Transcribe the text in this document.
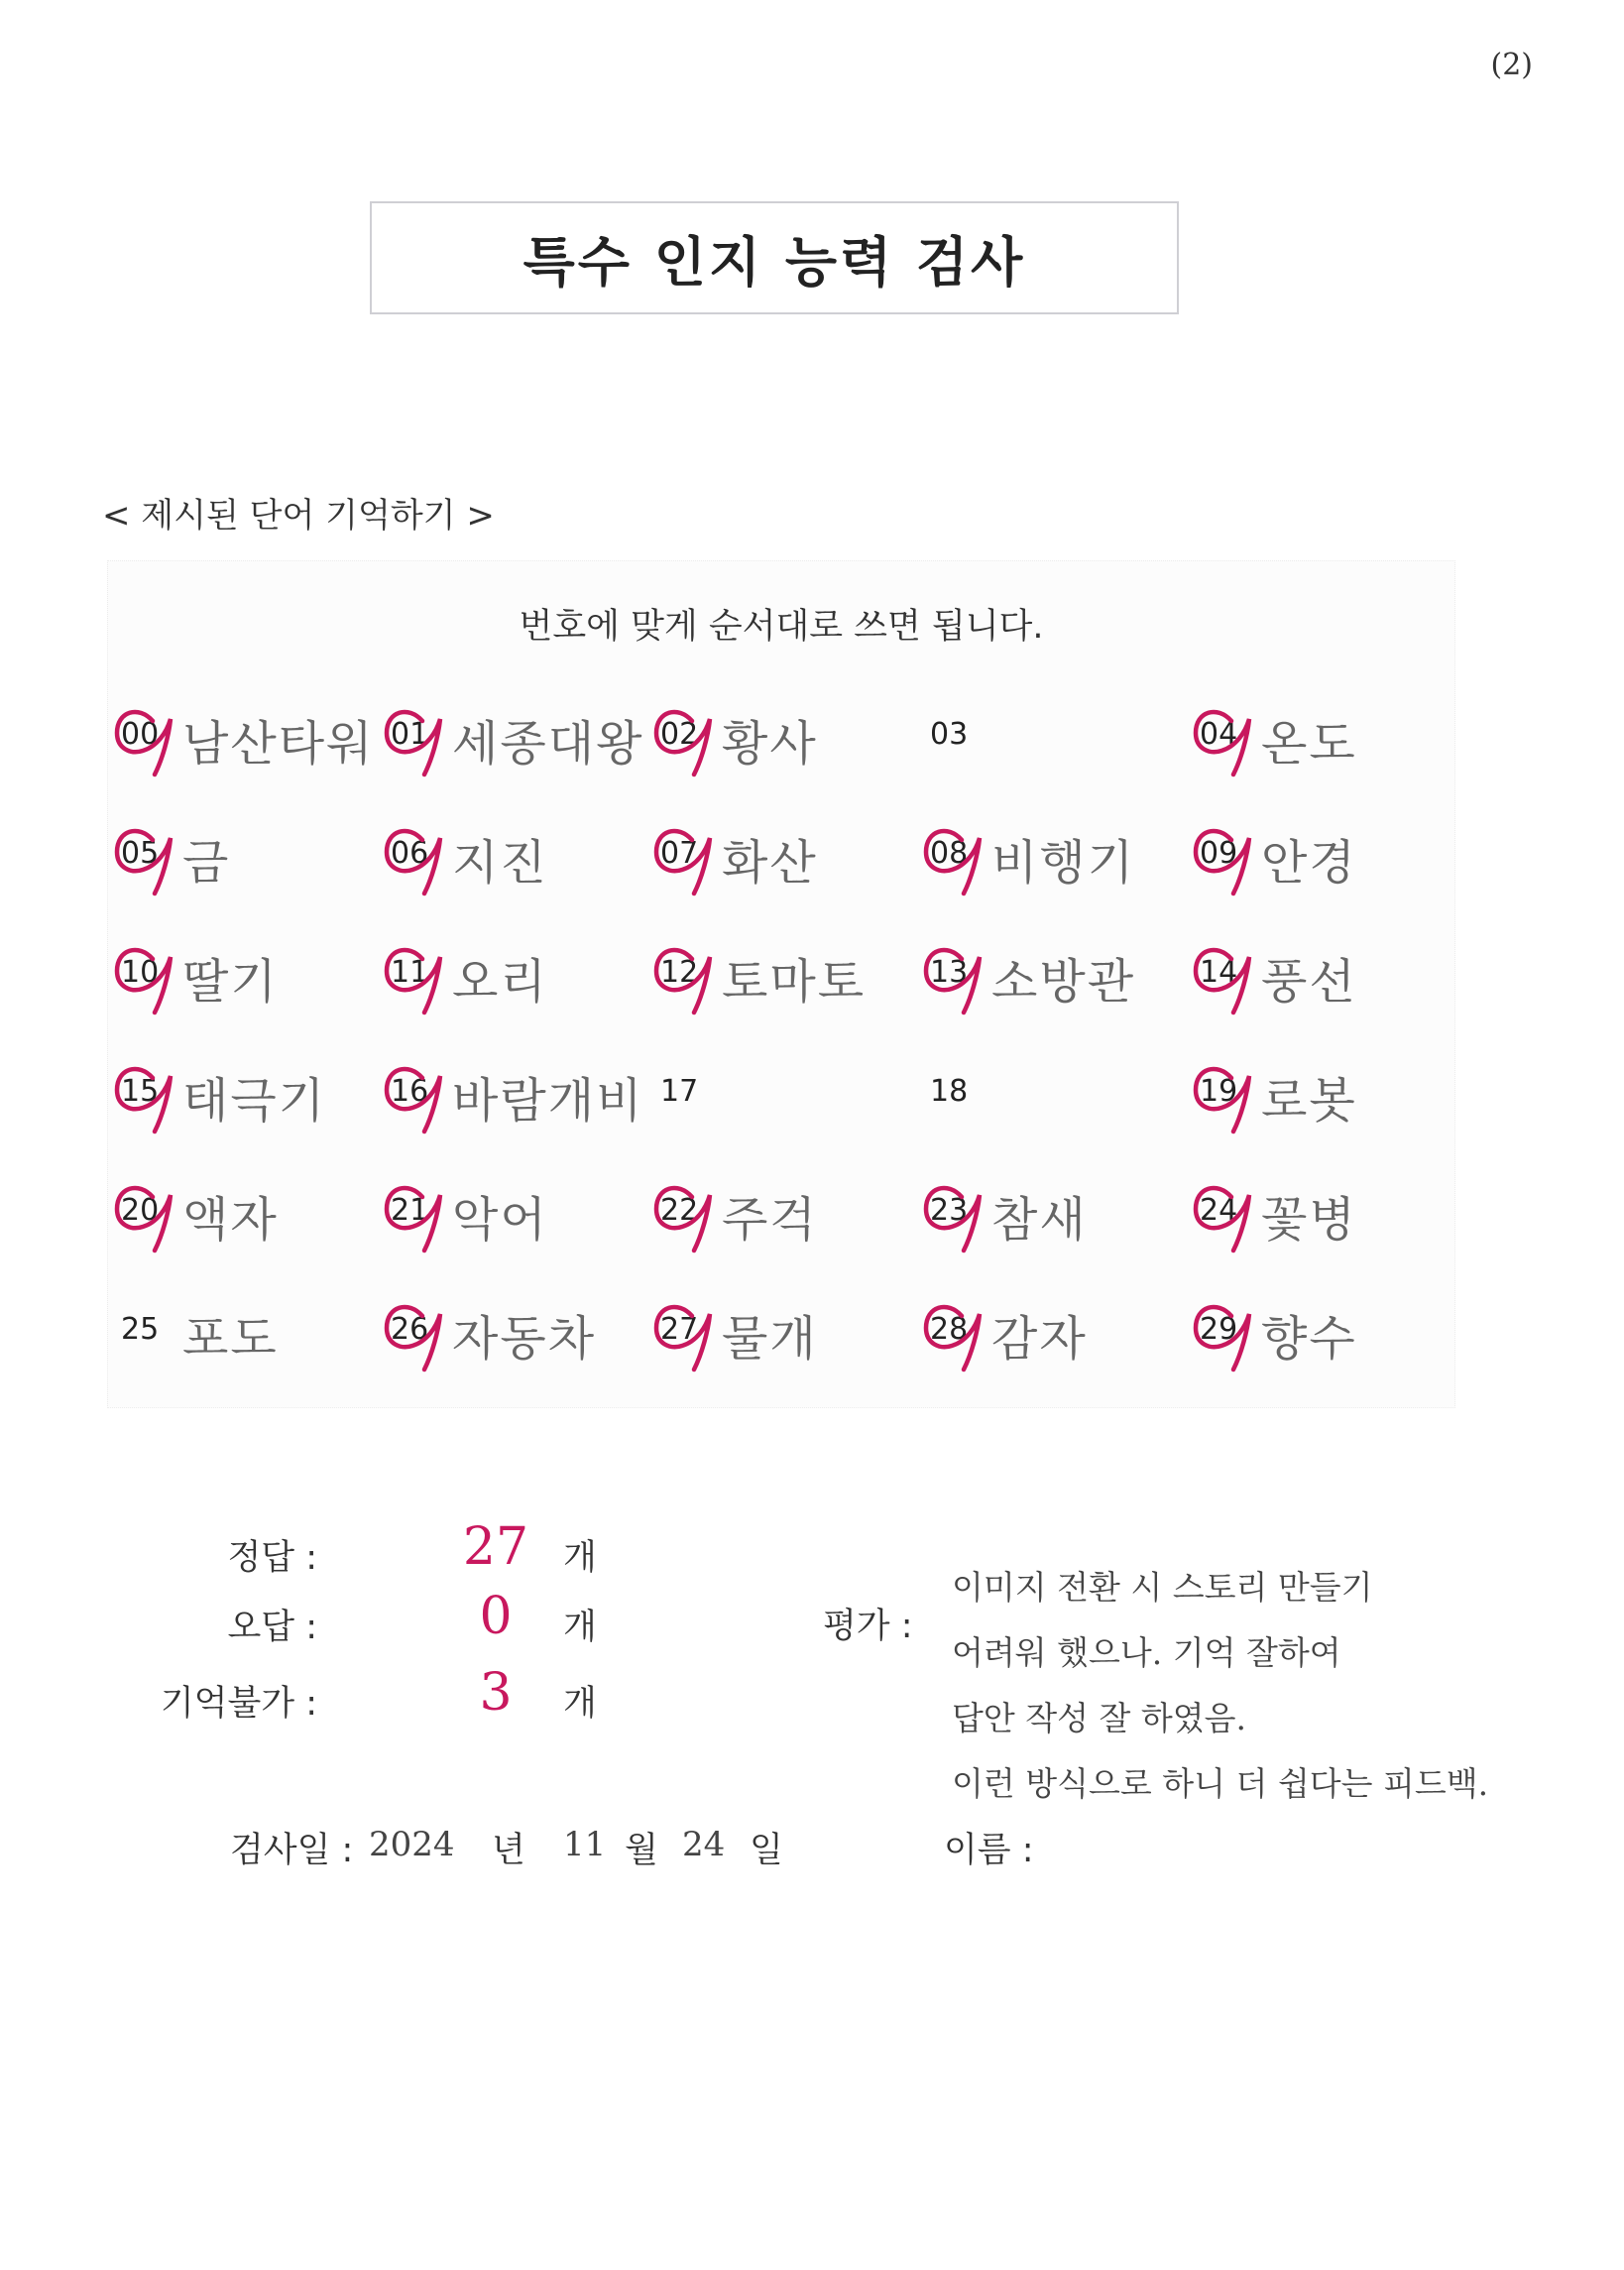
(2)
특수 인지 능력 검사
< 제시된 단어 기억하기 >
번호에 맞게 순서대로 쓰면 됩니다.
00 남산타워 01 세종대왕 02 황사	03	04 온도
05 금	06 지진	07 화산	08 비행기 09 안경
10 딸기	11 오리	12 토마토 13 소방관 14 풍선
15 태극기 16 바람개비 17	18	19 로봇
20 액자	21 악어	22 주걱	23 참새	24 꽃병
25 포도	26 자동차 27 물개	28 감자	29 향수
정답 :	27 개
오답 :	0	개
기억불가 :	3	개
평가 :
이미지 전환 시 스토리 만들기
어려워 했으나. 기억 잘하여
답안 작성 잘 하였음.
이런 방식으로 하니 더 쉽다는 피드백.
검사일 : 2024 년 11 월 24 일	이름 :
